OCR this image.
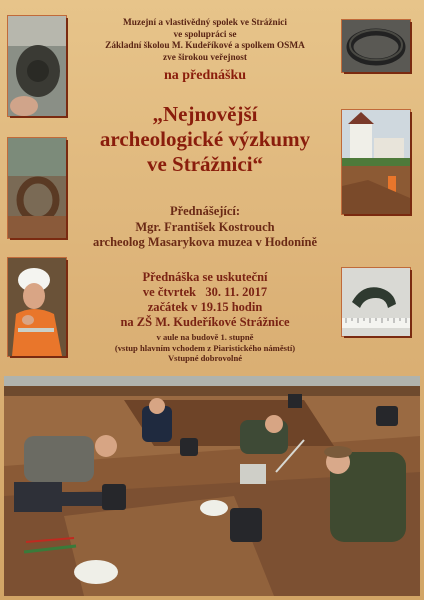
Muzejní a vlastivědný spolek ve Strážnici
ve spolupráci se
Základní školou M. Kudeříkové a spolkem OSMA
zve širokou veřejnost
na přednášku
„Nejnovější
archeologické výzkumy
ve Strážnici“
Přednášející:
Mgr. František Kostrouch
archeolog Masarykova muzea v Hodoníně
Přednáška se uskuteční
ve čtvrtek   30. 11. 2017
začátek v 19.15 hodin
na ZŠ M. Kudeříkové Strážnice
v aule na budově 1. stupně
(vstup hlavním vchodem z Piaristického náměstí)
Vstupné dobrovolné
